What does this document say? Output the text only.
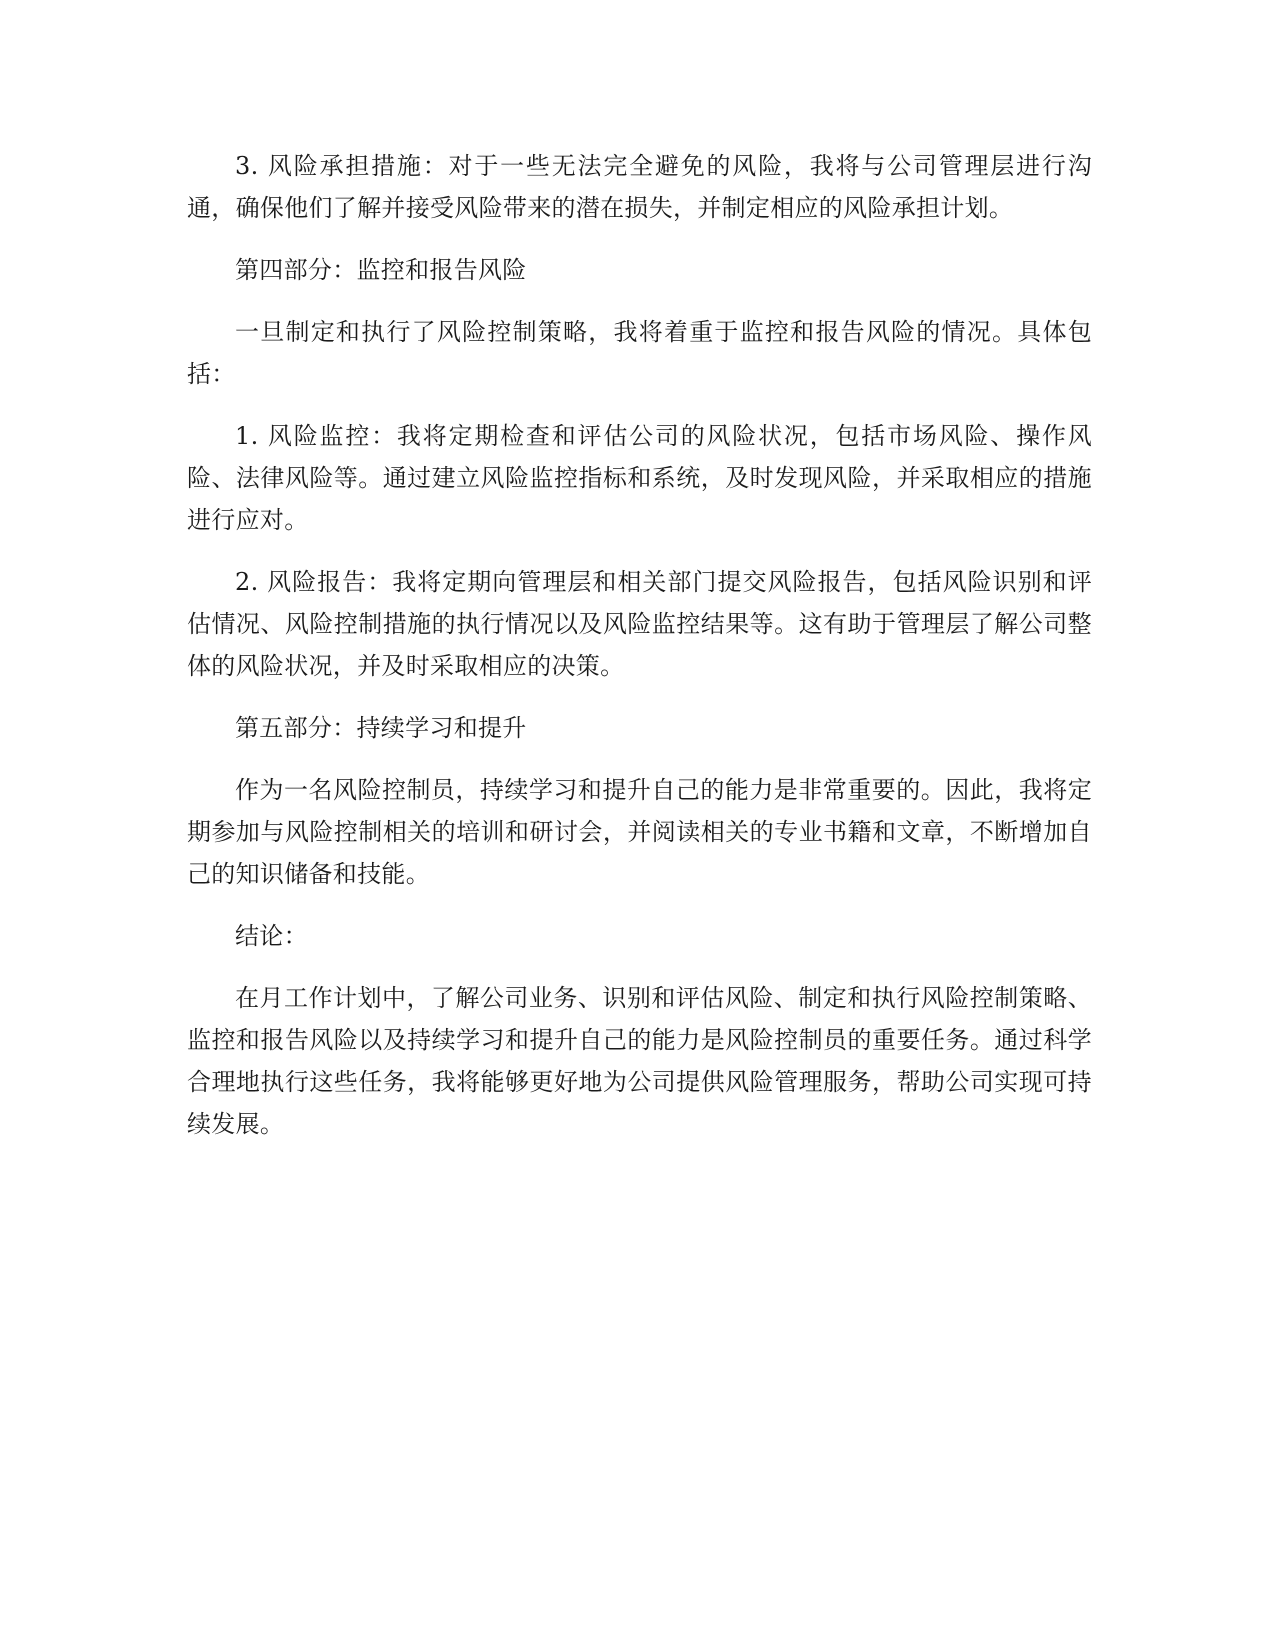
3. 风险承担措施：对于一些无法完全避免的风险，我将与公司管理层进行沟通，确保他们了解并接受风险带来的潜在损失，并制定相应的风险承担计划。

第四部分：监控和报告风险

一旦制定和执行了风险控制策略，我将着重于监控和报告风险的情况。具体包括：

1. 风险监控：我将定期检查和评估公司的风险状况，包括市场风险、操作风险、法律风险等。通过建立风险监控指标和系统，及时发现风险，并采取相应的措施进行应对。

2. 风险报告：我将定期向管理层和相关部门提交风险报告，包括风险识别和评估情况、风险控制措施的执行情况以及风险监控结果等。这有助于管理层了解公司整体的风险状况，并及时采取相应的决策。

第五部分：持续学习和提升

作为一名风险控制员，持续学习和提升自己的能力是非常重要的。因此，我将定期参加与风险控制相关的培训和研讨会，并阅读相关的专业书籍和文章，不断增加自己的知识储备和技能。

结论：

在月工作计划中，了解公司业务、识别和评估风险、制定和执行风险控制策略、监控和报告风险以及持续学习和提升自己的能力是风险控制员的重要任务。通过科学合理地执行这些任务，我将能够更好地为公司提供风险管理服务，帮助公司实现可持续发展。
